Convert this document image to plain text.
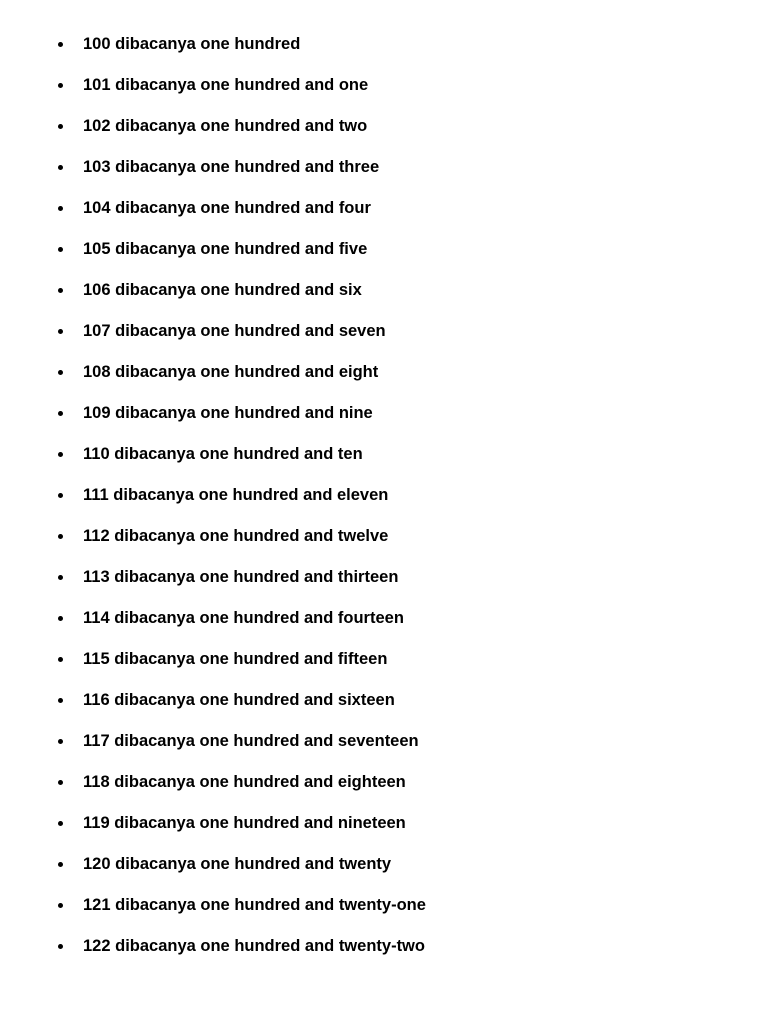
100 dibacanya one hundred
101 dibacanya one hundred and one
102 dibacanya one hundred and two
103 dibacanya one hundred and three
104 dibacanya one hundred and four
105 dibacanya one hundred and five
106 dibacanya one hundred and six
107 dibacanya one hundred and seven
108 dibacanya one hundred and eight
109 dibacanya one hundred and nine
110 dibacanya one hundred and ten
111 dibacanya one hundred and eleven
112 dibacanya one hundred and twelve
113 dibacanya one hundred and thirteen
114 dibacanya one hundred and fourteen
115 dibacanya one hundred and fifteen
116 dibacanya one hundred and sixteen
117 dibacanya one hundred and seventeen
118 dibacanya one hundred and eighteen
119 dibacanya one hundred and nineteen
120 dibacanya one hundred and twenty
121 dibacanya one hundred and twenty-one
122 dibacanya one hundred and twenty-two
